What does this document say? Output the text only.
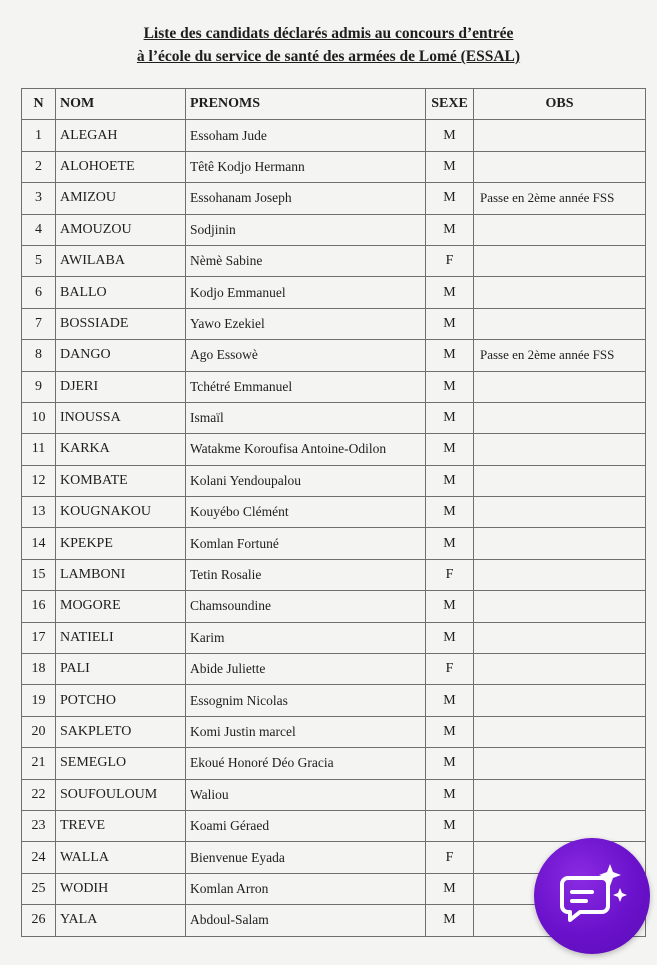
Liste des candidats déclarés admis au concours d’entrée
à l’école du service de santé des armées de Lomé (ESSAL)
N	NOM	PRENOMS	SEXE	OBS
1	ALEGAH	Essoham Jude	M	
2	ALOHOETE	Têtê Kodjo Hermann	M	
3	AMIZOU	Essohanam Joseph	M	Passe en 2ème année FSS
4	AMOUZOU	Sodjinin	M	
5	AWILABA	Nèmè Sabine	F	
6	BALLO	Kodjo Emmanuel	M	
7	BOSSIADE	Yawo Ezekiel	M	
8	DANGO	Ago Essowè	M	Passe en 2ème année FSS
9	DJERI	Tchétré Emmanuel	M	
10	INOUSSA	Ismaïl	M	
11	KARKA	Watakme Koroufisa Antoine-Odilon	M	
12	KOMBATE	Kolani Yendoupalou	M	
13	KOUGNAKOU	Kouyébo Clémént	M	
14	KPEKPE	Komlan Fortuné	M	
15	LAMBONI	Tetin Rosalie	F	
16	MOGORE	Chamsoundine	M	
17	NATIELI	Karim	M	
18	PALI	Abide Juliette	F	
19	POTCHO	Essognim Nicolas	M	
20	SAKPLETO	Komi Justin marcel	M	
21	SEMEGLO	Ekoué Honoré Déo Gracia	M	
22	SOUFOULOUM	Waliou	M	
23	TREVE	Koami Géraed	M	
24	WALLA	Bienvenue Eyada	F	
25	WODIH	Komlan Arron	M	
26	YALA	Abdoul-Salam	M	
